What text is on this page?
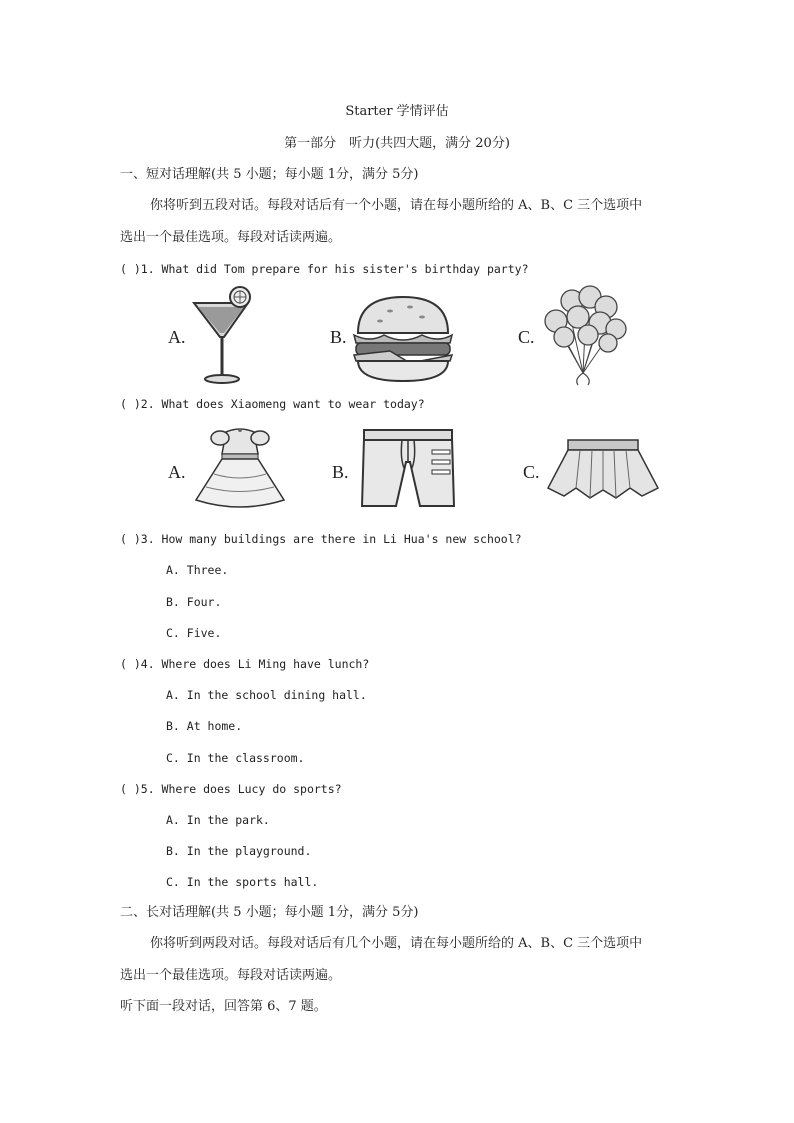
Starter 学情评估
第一部分　听力(共四大题，满分 20分)
一、短对话理解(共 5 小题；每小题 1分，满分 5分)
你将听到五段对话。每段对话后有一个小题，请在每小题所给的 A、B、C 三个选项中
选出一个最佳选项。每段对话读两遍。
( )1. What did Tom prepare for his sister's birthday party?
A.	B.	C.
( )2. What does Xiaomeng want to wear today?
A.	B.	C.
( )3. How many buildings are there in Li Hua's new school?
A. Three.
B. Four.
C. Five.
( )4. Where does Li Ming have lunch?
A. In the school dining hall.
B. At home.
C. In the classroom.
( )5. Where does Lucy do sports?
A. In the park.
B. In the playground.
C. In the sports hall.
二、长对话理解(共 5 小题；每小题 1分，满分 5分)
你将听到两段对话。每段对话后有几个小题，请在每小题所给的 A、B、C 三个选项中
选出一个最佳选项。每段对话读两遍。
听下面一段对话，回答第 6、7 题。
